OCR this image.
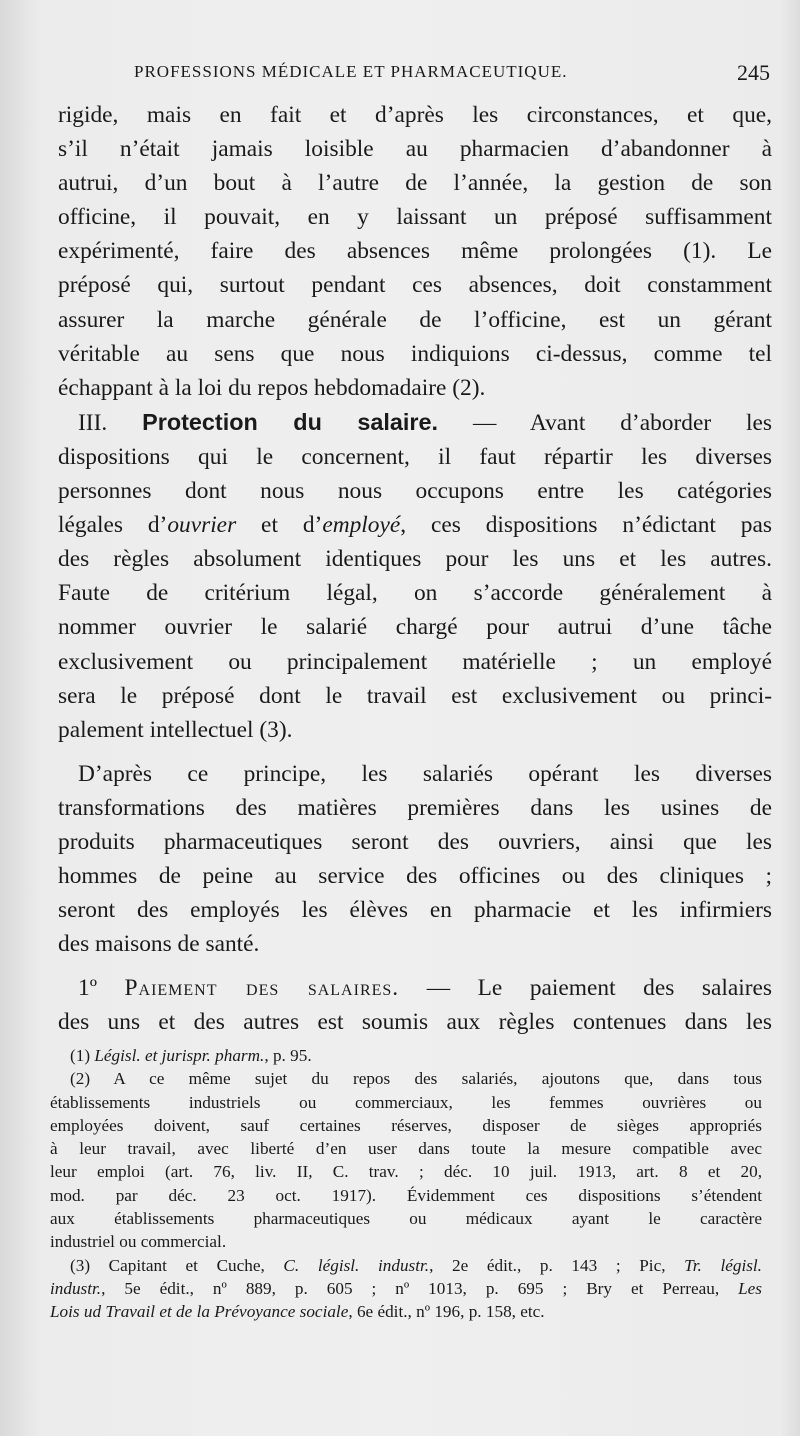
PROFESSIONS MÉDICALE ET PHARMACEUTIQUE.	245

rigide, mais en fait et d’après les circonstances, et que,
s’il n’était jamais loisible au pharmacien d’abandonner à
autrui, d’un bout à l’autre de l’année, la gestion de son
officine, il pouvait, en y laissant un préposé suffisamment
expérimenté, faire des absences même prolongées (1). Le
préposé qui, surtout pendant ces absences, doit constamment
assurer la marche générale de l’officine, est un gérant
véritable au sens que nous indiquions ci-dessus, comme tel
échappant à la loi du repos hebdomadaire (2).

III. Protection du salaire. — Avant d’aborder les
dispositions qui le concernent, il faut répartir les diverses
personnes dont nous nous occupons entre les catégories
légales d’ouvrier et d’employé, ces dispositions n’édictant pas
des règles absolument identiques pour les uns et les autres.
Faute de critérium légal, on s’accorde généralement à
nommer ouvrier le salarié chargé pour autrui d’une tâche
exclusivement ou principalement matérielle ; un employé
sera le préposé dont le travail est exclusivement ou princi-
palement intellectuel (3).

D’après ce principe, les salariés opérant les diverses
transformations des matières premières dans les usines de
produits pharmaceutiques seront des ouvriers, ainsi que les
hommes de peine au service des officines ou des cliniques ;
seront des employés les élèves en pharmacie et les infirmiers
des maisons de santé.

1º Paiement des salaires. — Le paiement des salaires
des uns et des autres est soumis aux règles contenues dans les

(1) Législ. et jurispr. pharm., p. 95.

(2) A ce même sujet du repos des salariés, ajoutons que, dans tous
établissements industriels ou commerciaux, les femmes ouvrières ou
employées doivent, sauf certaines réserves, disposer de sièges appropriés
à leur travail, avec liberté d’en user dans toute la mesure compatible avec
leur emploi (art. 76, liv. II, C. trav. ; déc. 10 juil. 1913, art. 8 et 20,
mod. par déc. 23 oct. 1917). Évidemment ces dispositions s’étendent
aux établissements pharmaceutiques ou médicaux ayant le caractère
industriel ou commercial.

(3) Capitant et Cuche, C. législ. industr., 2e édit., p. 143 ; Pic, Tr. législ.
industr., 5e édit., nº 889, p. 605 ; nº 1013, p. 695 ; Bry et Perreau, Les
Lois ud Travail et de la Prévoyance sociale, 6e édit., nº 196, p. 158, etc.
